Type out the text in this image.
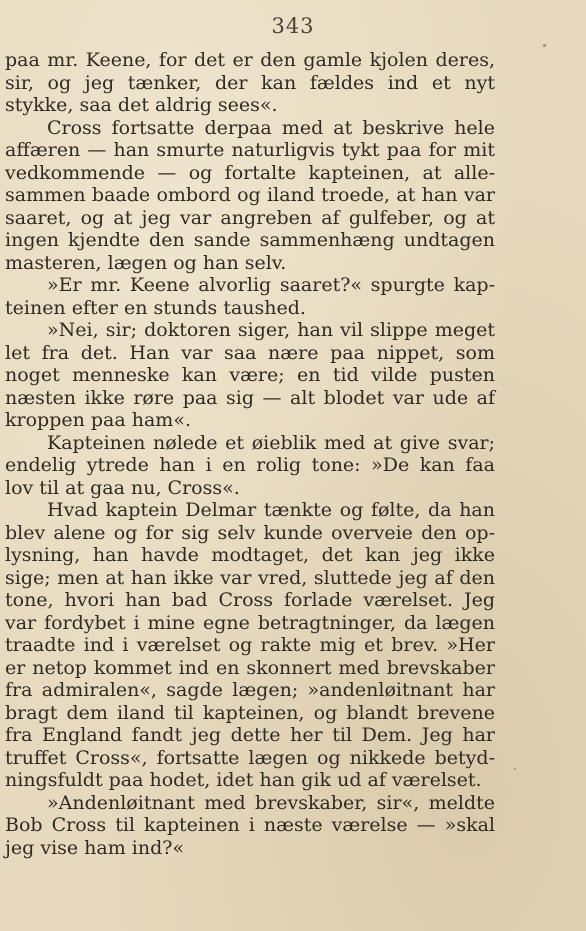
343
paa mr. Keene, for det er den gamle kjolen deres,
sir, og jeg tænker, der kan fældes ind et nyt
stykke, saa det aldrig sees«.
Cross fortsatte derpaa med at beskrive hele
affæren — han smurte naturligvis tykt paa for mit
vedkommende — og fortalte kapteinen, at alle-
sammen baade ombord og iland troede, at han var
saaret, og at jeg var angreben af gulfeber, og at
ingen kjendte den sande sammenhæng undtagen
masteren, lægen og han selv.
»Er mr. Keene alvorlig saaret?« spurgte kap-
teinen efter en stunds taushed.
»Nei, sir; doktoren siger, han vil slippe meget
let fra det. Han var saa nære paa nippet, som
noget menneske kan være; en tid vilde pusten
næsten ikke røre paa sig — alt blodet var ude af
kroppen paa ham«.
Kapteinen nølede et øieblik med at give svar;
endelig ytrede han i en rolig tone: »De kan faa
lov til at gaa nu, Cross«.
Hvad kaptein Delmar tænkte og følte, da han
blev alene og for sig selv kunde overveie den op-
lysning, han havde modtaget, det kan jeg ikke
sige; men at han ikke var vred, sluttede jeg af den
tone, hvori han bad Cross forlade værelset. Jeg
var fordybet i mine egne betragtninger, da lægen
traadte ind i værelset og rakte mig et brev. »Her
er netop kommet ind en skonnert med brevskaber
fra admiralen«, sagde lægen; »andenløitnant har
bragt dem iland til kapteinen, og blandt brevene
fra England fandt jeg dette her til Dem. Jeg har
truffet Cross«, fortsatte lægen og nikkede betyd-
ningsfuldt paa hodet, idet han gik ud af værelset.
»Andenløitnant med brevskaber, sir«, meldte
Bob Cross til kapteinen i næste værelse — »skal
jeg vise ham ind?«
